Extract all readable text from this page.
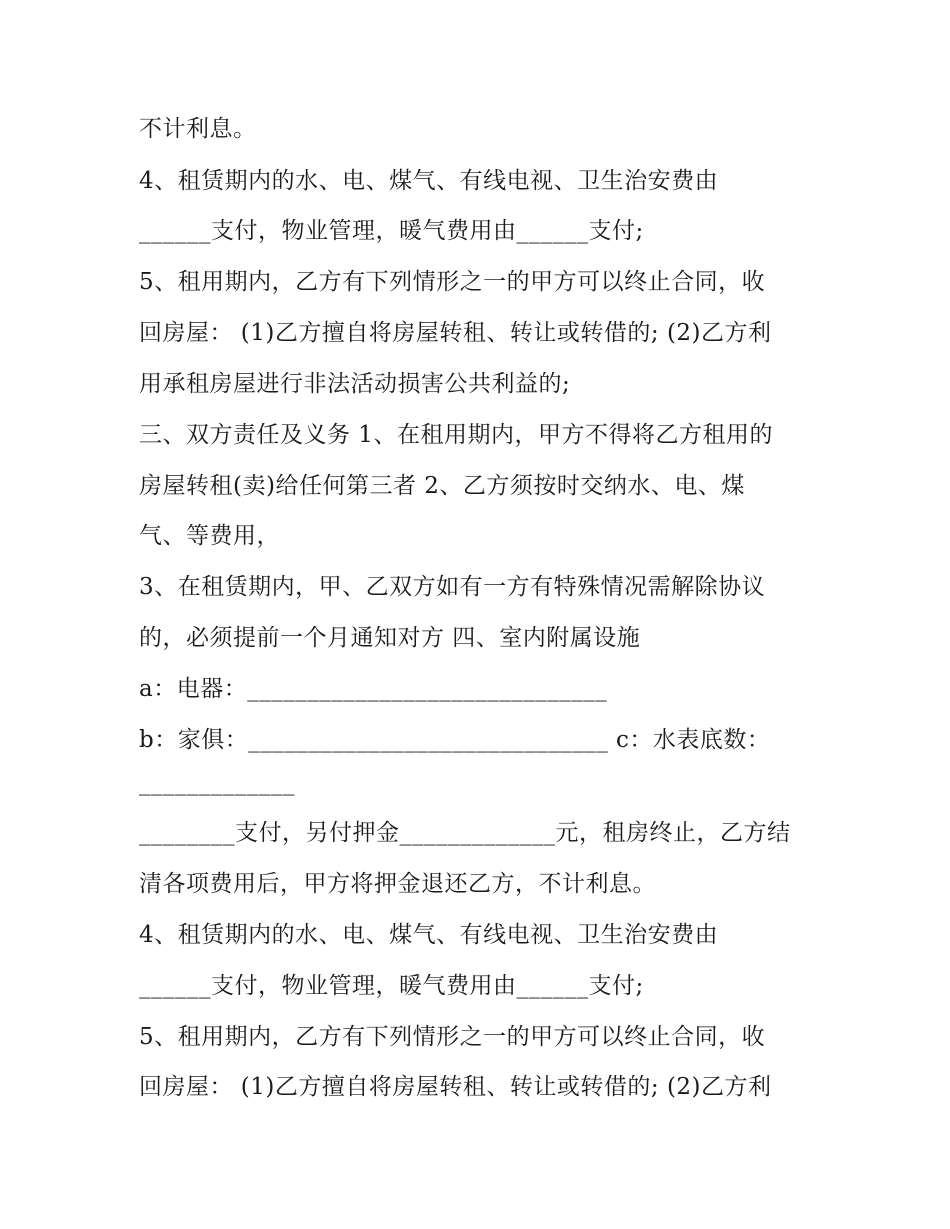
不计利息。
4、租赁期内的水、电、煤气、有线电视、卫生治安费由
______支付，物业管理，暖气费用由______支付;
5、租用期内，乙方有下列情形之一的甲方可以终止合同，收
回房屋： (1)乙方擅自将房屋转租、转让或转借的; (2)乙方利
用承租房屋进行非法活动损害公共利益的;
三、双方责任及义务 1、在租用期内，甲方不得将乙方租用的
房屋转租(卖)给任何第三者 2、乙方须按时交纳水、电、煤
气、等费用，
3、在租赁期内，甲、乙双方如有一方有特殊情况需解除协议
的，必须提前一个月通知对方 四、室内附属设施
a：电器：______________________________
b：家俱：______________________________ c：水表底数：
_____________
________支付，另付押金_____________元，租房终止，乙方结
清各项费用后，甲方将押金退还乙方，不计利息。
4、租赁期内的水、电、煤气、有线电视、卫生治安费由
______支付，物业管理，暖气费用由______支付;
5、租用期内，乙方有下列情形之一的甲方可以终止合同，收
回房屋： (1)乙方擅自将房屋转租、转让或转借的; (2)乙方利
